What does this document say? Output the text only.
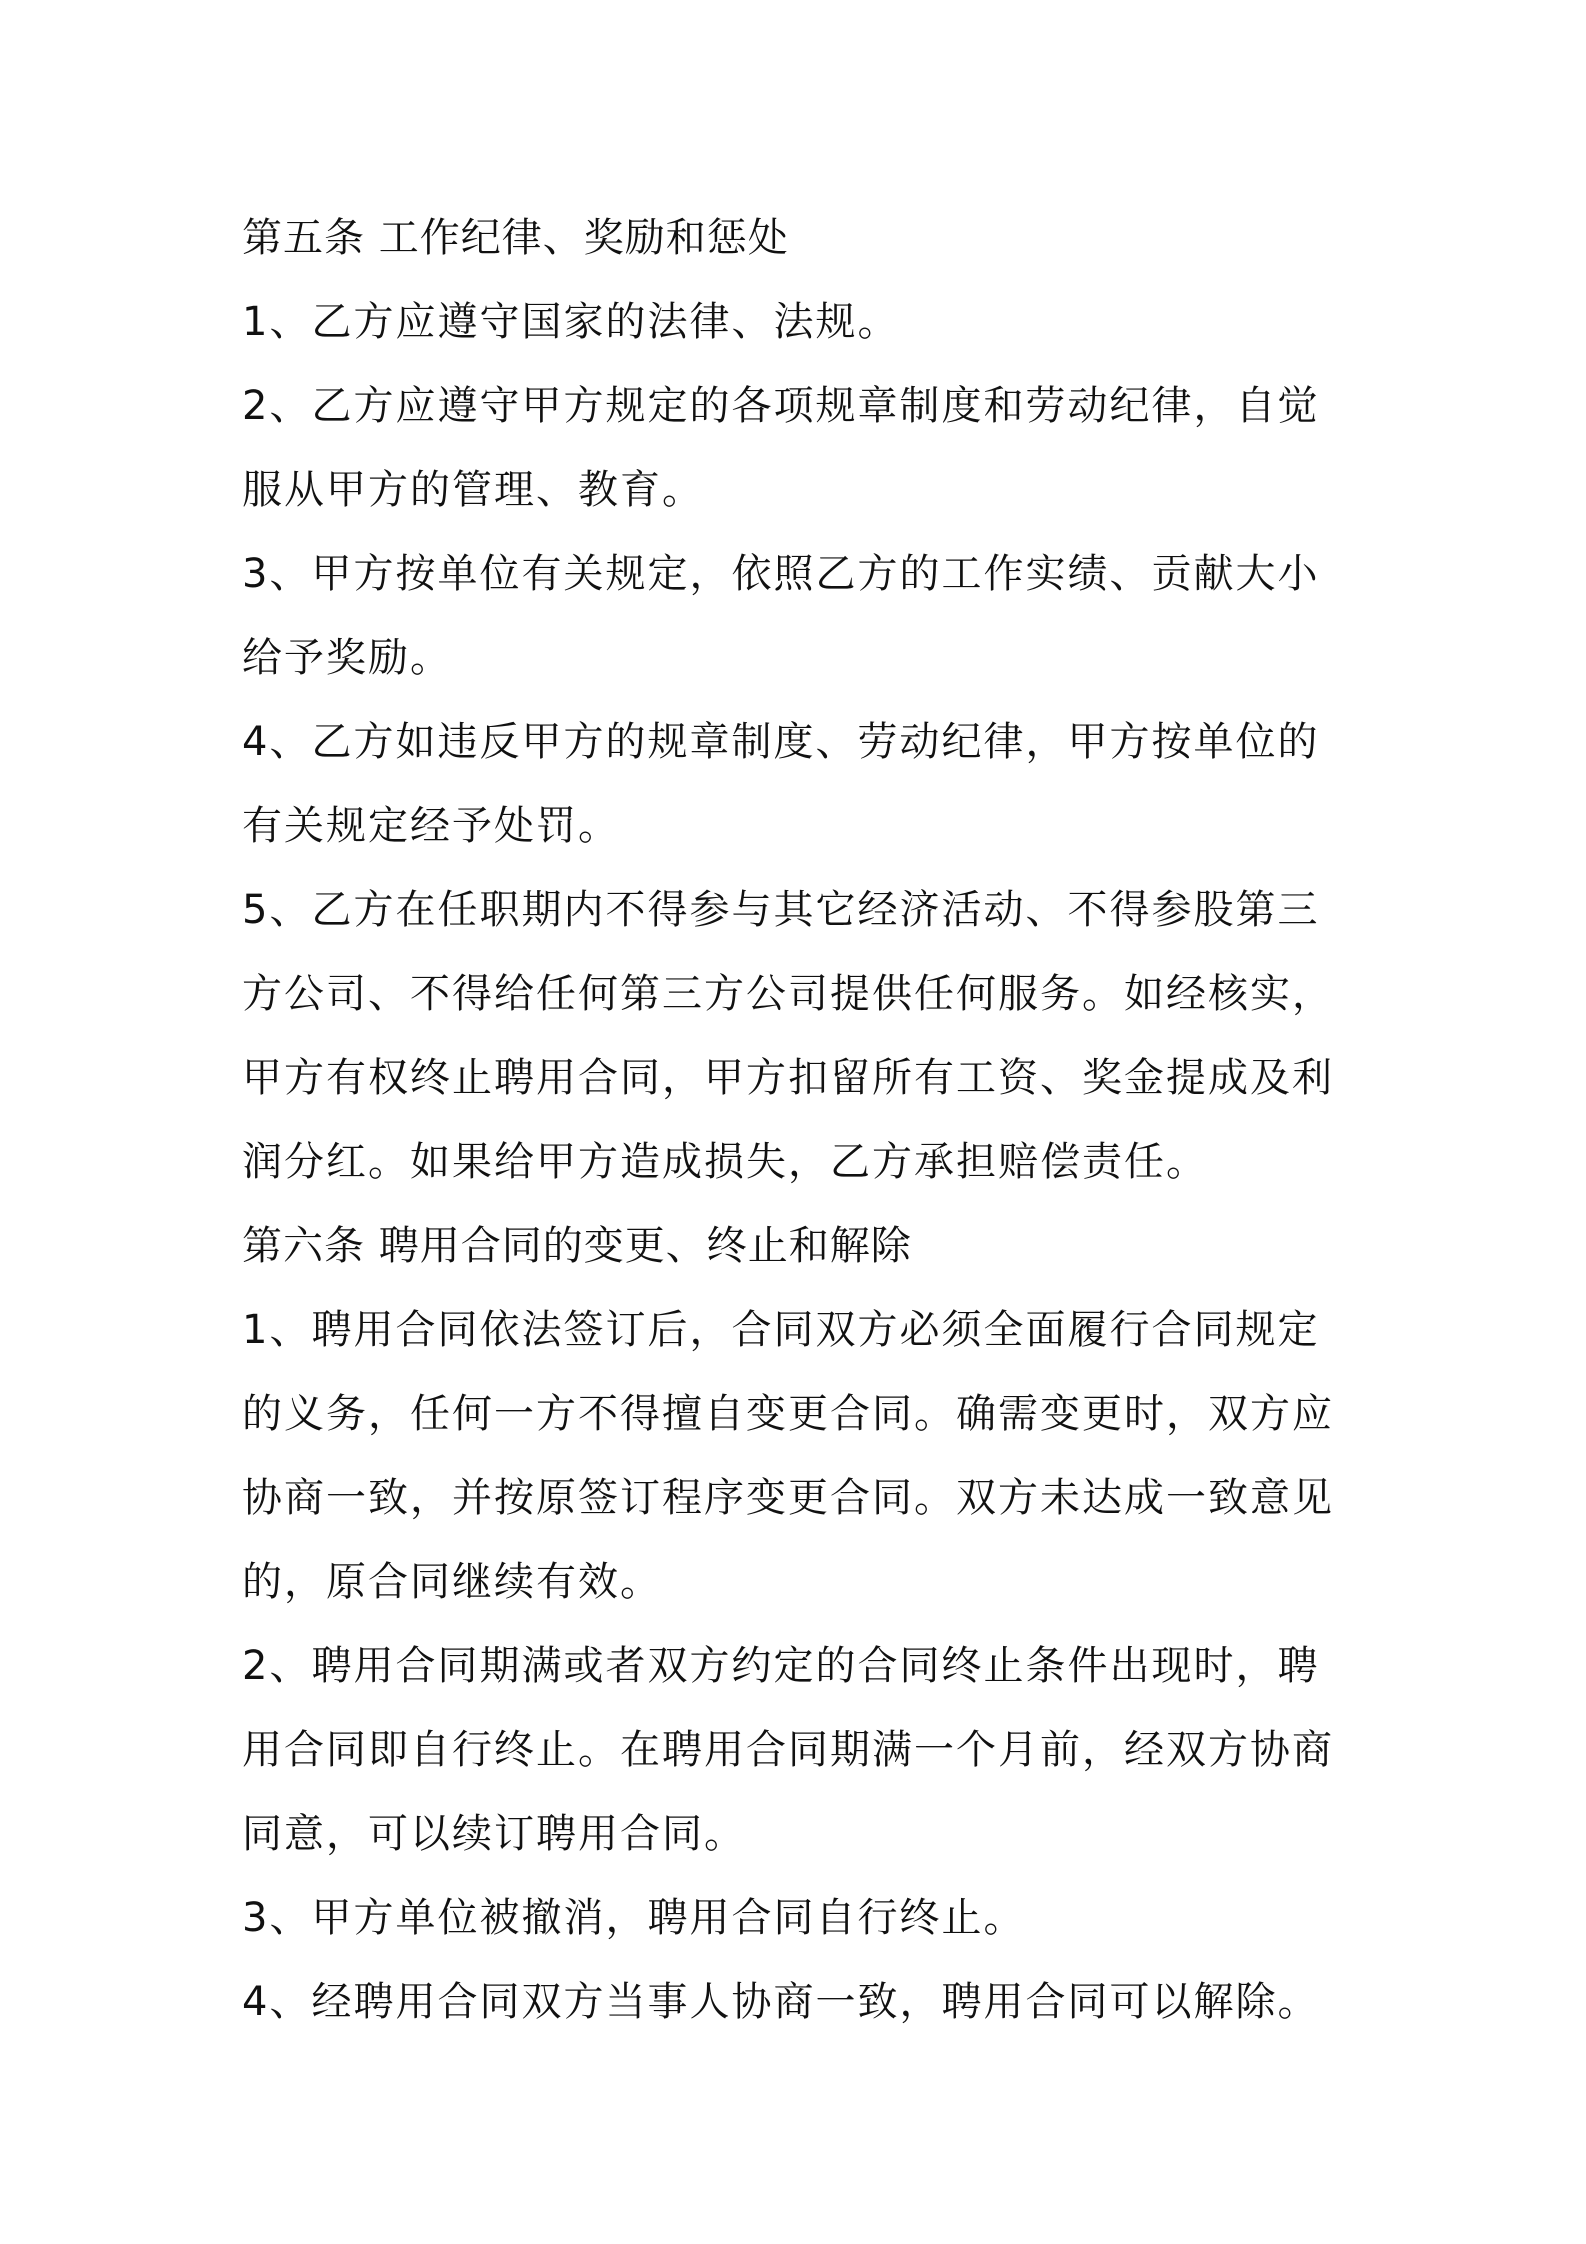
第五条 工作纪律、奖励和惩处
1、乙方应遵守国家的法律、法规。
2、乙方应遵守甲方规定的各项规章制度和劳动纪律，自觉
服从甲方的管理、教育。
3、甲方按单位有关规定，依照乙方的工作实绩、贡献大小
给予奖励。
4、乙方如违反甲方的规章制度、劳动纪律，甲方按单位的
有关规定经予处罚。
5、乙方在任职期内不得参与其它经济活动、不得参股第三
方公司、不得给任何第三方公司提供任何服务。如经核实，
甲方有权终止聘用合同，甲方扣留所有工资、奖金提成及利
润分红。如果给甲方造成损失，乙方承担赔偿责任。
第六条 聘用合同的变更、终止和解除
1、聘用合同依法签订后，合同双方必须全面履行合同规定
的义务，任何一方不得擅自变更合同。确需变更时，双方应
协商一致，并按原签订程序变更合同。双方未达成一致意见
的，原合同继续有效。
2、聘用合同期满或者双方约定的合同终止条件出现时，聘
用合同即自行终止。在聘用合同期满一个月前，经双方协商
同意，可以续订聘用合同。
3、甲方单位被撤消，聘用合同自行终止。
4、经聘用合同双方当事人协商一致，聘用合同可以解除。
